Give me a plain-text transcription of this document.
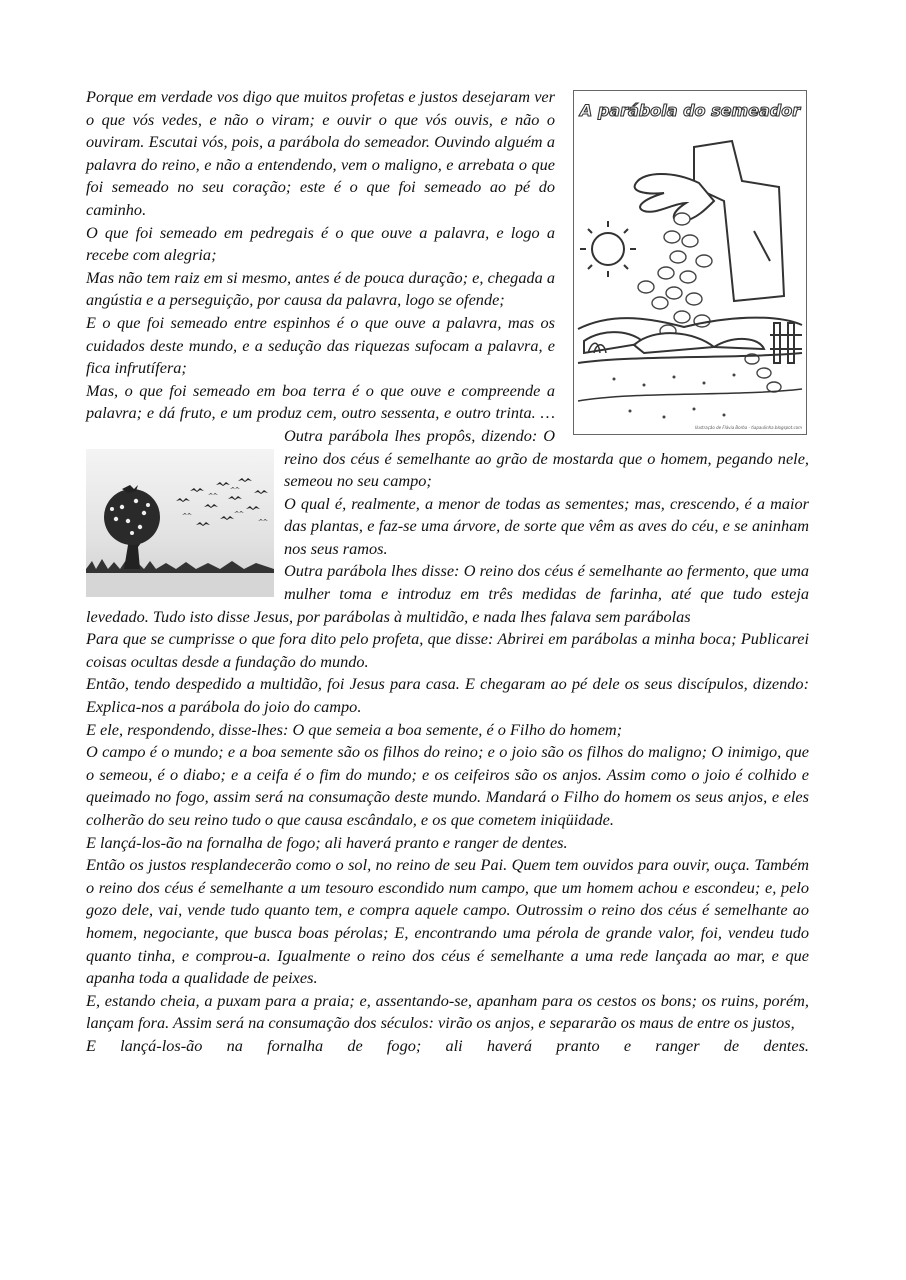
A parábola do semeador
Ilustração de Flávia Borba - tiapaulinha.blogspot.com

Porque em verdade vos digo que muitos profetas e justos desejaram ver o que vós vedes, e não o viram; e ouvir o que vós ouvis, e não o ouviram. Escutai vós, pois, a parábola do semeador. Ouvindo alguém a palavra do reino, e não a entendendo, vem o maligno, e arrebata o que foi semeado no seu coração; este é o que foi semeado ao pé do caminho.

O que foi semeado em pedregais é o que ouve a palavra, e logo a recebe com alegria;

Mas não tem raiz em si mesmo, antes é de pouca duração; e, chegada a angústia e a perseguição, por causa da palavra, logo se ofende;

E o que foi semeado entre espinhos é o que ouve a palavra, mas os cuidados deste mundo, e a sedução das riquezas sufocam a palavra, e fica infrutífera;

Mas, o que foi semeado em boa terra é o que ouve e compreende a palavra; e dá fruto, e um produz cem, outro sessenta, e outro trinta. …

Outra parábola lhes propôs, dizendo: O reino dos céus é semelhante ao grão de mostarda que o homem, pegando nele, semeou no seu campo;

O qual é, realmente, a menor de todas as sementes; mas, crescendo, é a maior das plantas, e faz-se uma árvore, de sorte que vêm as aves do céu, e se aninham nos seus ramos.

Outra parábola lhes disse: O reino dos céus é semelhante ao fermento, que uma mulher toma e introduz em três medidas de farinha, até que tudo esteja levedado. Tudo isto disse Jesus, por parábolas à multidão, e nada lhes falava sem parábolas

Para que se cumprisse o que fora dito pelo profeta, que disse: Abrirei em parábolas a minha boca; Publicarei coisas ocultas desde a fundação do mundo.

Então, tendo despedido a multidão, foi Jesus para casa. E chegaram ao pé dele os seus discípulos, dizendo: Explica-nos a parábola do joio do campo.

E ele, respondendo, disse-lhes: O que semeia a boa semente, é o Filho do homem;

O campo é o mundo; e a boa semente são os filhos do reino; e o joio são os filhos do maligno; O inimigo, que o semeou, é o diabo; e a ceifa é o fim do mundo; e os ceifeiros são os anjos. Assim como o joio é colhido e queimado no fogo, assim será na consumação deste mundo. Mandará o Filho do homem os seus anjos, e eles colherão do seu reino tudo o que causa escândalo, e os que cometem iniqüidade.

E lançá-los-ão na fornalha de fogo; ali haverá pranto e ranger de dentes.

Então os justos resplandecerão como o sol, no reino de seu Pai. Quem tem ouvidos para ouvir, ouça. Também o reino dos céus é semelhante a um tesouro escondido num campo, que um homem achou e escondeu; e, pelo gozo dele, vai, vende tudo quanto tem, e compra aquele campo. Outrossim o reino dos céus é semelhante ao homem, negociante, que busca boas pérolas; E, encontrando uma pérola de grande valor, foi, vendeu tudo quanto tinha, e comprou-a. Igualmente o reino dos céus é semelhante a uma rede lançada ao mar, e que apanha toda a qualidade de peixes.

E, estando cheia, a puxam para a praia; e, assentando-se, apanham para os cestos os bons; os ruins, porém, lançam fora. Assim será na consumação dos séculos: virão os anjos, e separarão os maus de entre os justos,

E lançá-los-ão na fornalha de fogo; ali haverá pranto e ranger de dentes.
